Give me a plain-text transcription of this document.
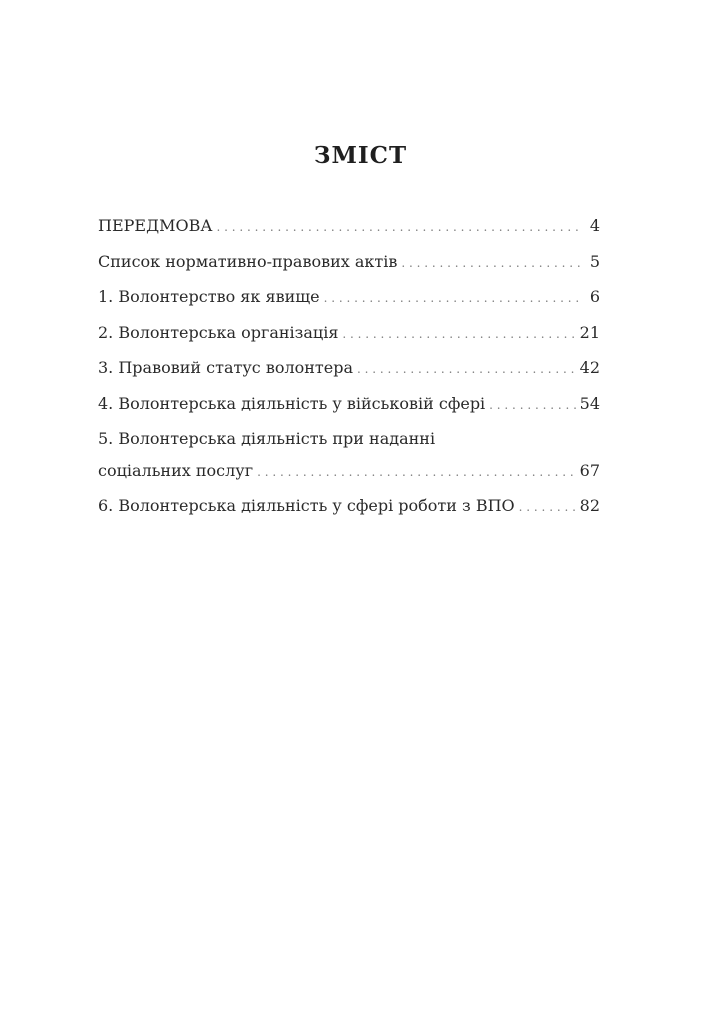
ЗМІСТ
ПЕРЕДМОВА . . .	4
Список нормативно-правових актів . . .	5
1. Волонтерство як явище . . .	6
2. Волонтерська організація . . .	21
3. Правовий статус волонтера . . .	42
4. Волонтерська діяльність у військовій сфері . . .	54
5. Волонтерська діяльність при наданні
соціальних послуг . . .	67
6. Волонтерська діяльність у сфері роботи з ВПО . . .	82
